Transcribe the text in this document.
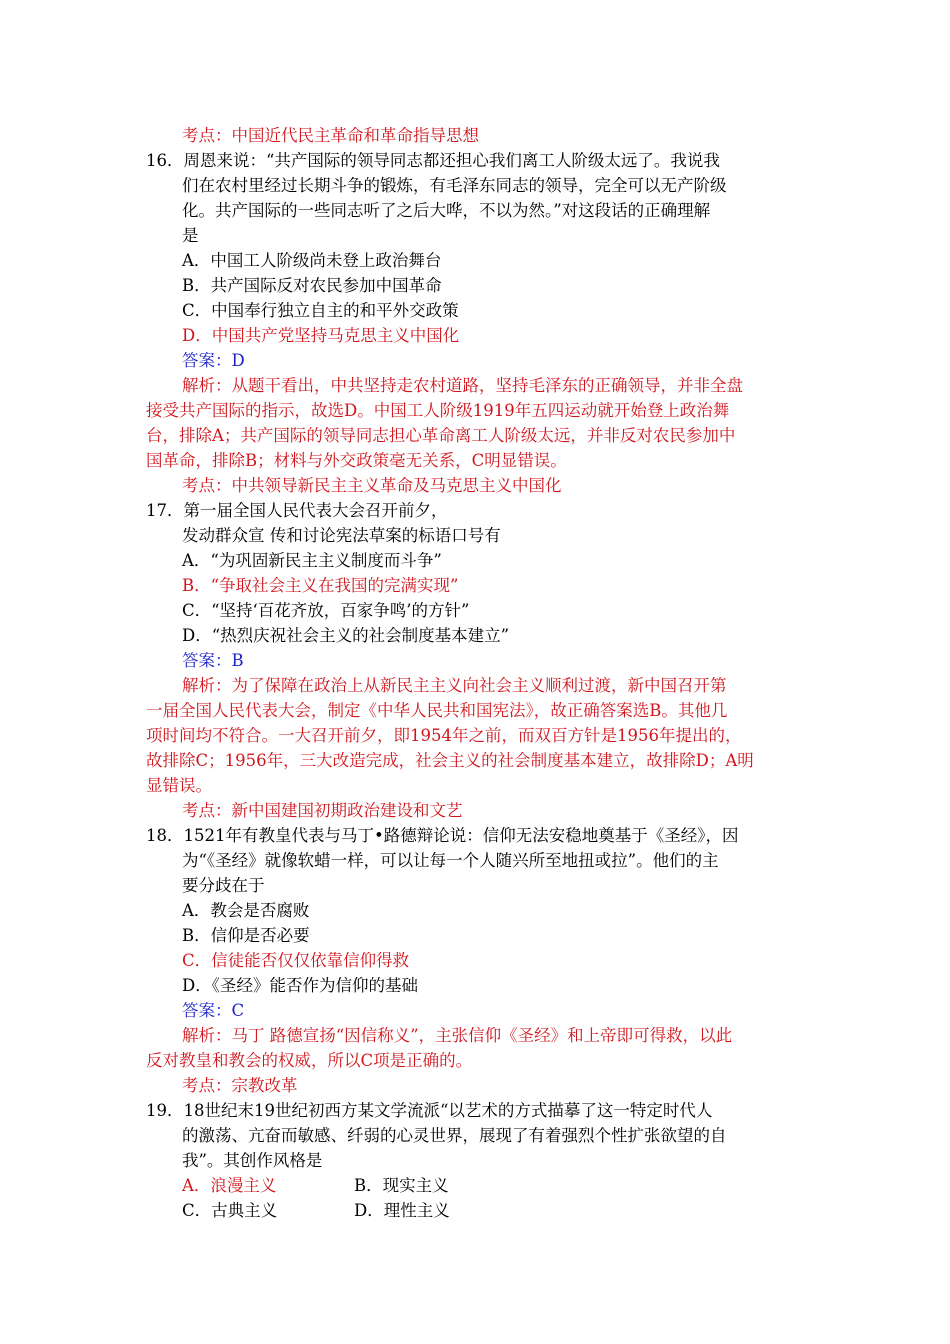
考点：中国近代民主革命和革命指导思想
16．周恩来说：“共产国际的领导同志都还担心我们离工人阶级太远了。我说我
们在农村里经过长期斗争的锻炼，有毛泽东同志的领导，完全可以无产阶级
化。共产国际的一些同志听了之后大哗，不以为然。”对这段话的正确理解
是
A．中国工人阶级尚未登上政治舞台
B．共产国际反对农民参加中国革命
C．中国奉行独立自主的和平外交政策
D．中国共产党坚持马克思主义中国化
答案：D
解析：从题干看出，中共坚持走农村道路，坚持毛泽东的正确领导，并非全盘
接受共产国际的指示，故选D。中国工人阶级1919年五四运动就开始登上政治舞
台，排除A；共产国际的领导同志担心革命离工人阶级太远，并非反对农民参加中
国革命，排除B；材料与外交政策毫无关系，C明显错误。
考点：中共领导新民主主义革命及马克思主义中国化
17．第一届全国人民代表大会召开前夕，
发动群众宣 传和讨论宪法草案的标语口号有
A．“为巩固新民主主义制度而斗争”
B．“争取社会主义在我国的完满实现”
C．“坚持‘百花齐放，百家争鸣’的方针”
D．“热烈庆祝社会主义的社会制度基本建立”
答案：B
解析：为了保障在政治上从新民主主义向社会主义顺利过渡，新中国召开第
一届全国人民代表大会，制定《中华人民共和国宪法》，故正确答案选B。其他几
项时间均不符合。一大召开前夕，即1954年之前，而双百方针是1956年提出的，
故排除C；1956年，三大改造完成，社会主义的社会制度基本建立，故排除D；A明
显错误。
考点：新中国建国初期政治建设和文艺
18．1521年有教皇代表与马丁•路德辩论说：信仰无法安稳地奠基于《圣经》，因
为“《圣经》就像软蜡一样，可以让每一个人随兴所至地扭或拉”。他们的主
要分歧在于
A．教会是否腐败
B．信仰是否必要
C．信徒能否仅仅依靠信仰得救
D．《圣经》能否作为信仰的基础
答案：C
解析：马丁 路德宣扬“因信称义”，主张信仰《圣经》和上帝即可得救，以此
反对教皇和教会的权威，所以C项是正确的。
考点：宗教改革
19．18世纪末19世纪初西方某文学流派“以艺术的方式描摹了这一特定时代人
的激荡、亢奋而敏感、纤弱的心灵世界，展现了有着强烈个性扩张欲望的自
我”。其创作风格是
A．浪漫主义	B．现实主义
C．古典主义	D．理性主义
